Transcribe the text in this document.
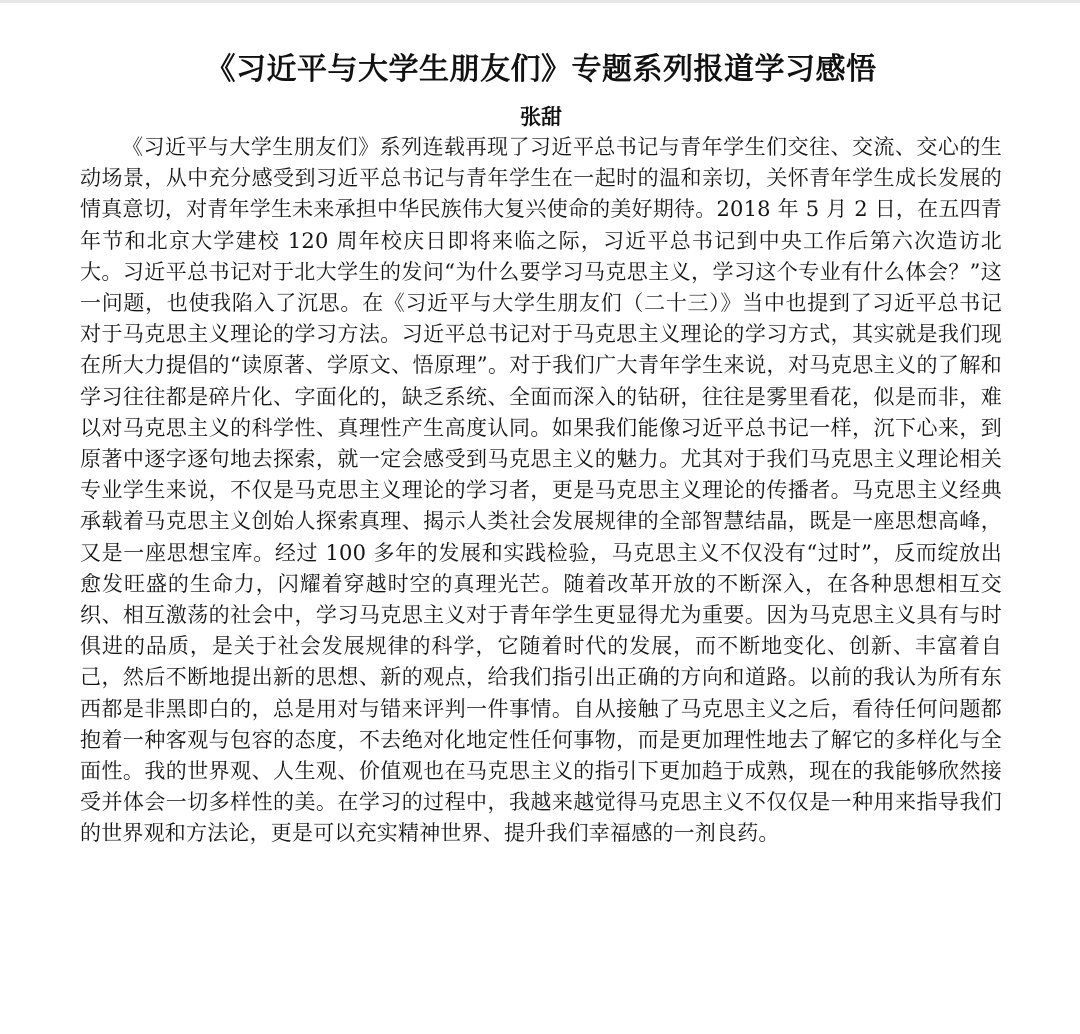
《习近平与大学生朋友们》专题系列报道学习感悟
张甜

《习近平与大学生朋友们》系列连载再现了习近平总书记与青年学生们交往、交流、交心的生动场景，从中充分感受到习近平总书记与青年学生在一起时的温和亲切，关怀青年学生成长发展的情真意切，对青年学生未来承担中华民族伟大复兴使命的美好期待。2018 年 5 月 2 日，在五四青年节和北京大学建校 120 周年校庆日即将来临之际，习近平总书记到中央工作后第六次造访北大。习近平总书记对于北大学生的发问“为什么要学习马克思主义，学习这个专业有什么体会？”这一问题，也使我陷入了沉思。在《习近平与大学生朋友们（二十三）》当中也提到了习近平总书记对于马克思主义理论的学习方法。习近平总书记对于马克思主义理论的学习方式，其实就是我们现在所大力提倡的“读原著、学原文、悟原理”。对于我们广大青年学生来说，对马克思主义的了解和学习往往都是碎片化、字面化的，缺乏系统、全面而深入的钻研，往往是雾里看花，似是而非，难以对马克思主义的科学性、真理性产生高度认同。如果我们能像习近平总书记一样，沉下心来，到原著中逐字逐句地去探索，就一定会感受到马克思主义的魅力。尤其对于我们马克思主义理论相关专业学生来说，不仅是马克思主义理论的学习者，更是马克思主义理论的传播者。马克思主义经典承载着马克思主义创始人探索真理、揭示人类社会发展规律的全部智慧结晶，既是一座思想高峰，又是一座思想宝库。经过 100 多年的发展和实践检验，马克思主义不仅没有“过时”，反而绽放出愈发旺盛的生命力，闪耀着穿越时空的真理光芒。随着改革开放的不断深入，在各种思想相互交织、相互激荡的社会中，学习马克思主义对于青年学生更显得尤为重要。因为马克思主义具有与时俱进的品质，是关于社会发展规律的科学，它随着时代的发展，而不断地变化、创新、丰富着自己，然后不断地提出新的思想、新的观点，给我们指引出正确的方向和道路。以前的我认为所有东西都是非黑即白的，总是用对与错来评判一件事情。自从接触了马克思主义之后，看待任何问题都抱着一种客观与包容的态度，不去绝对化地定性任何事物，而是更加理性地去了解它的多样化与全面性。我的世界观、人生观、价值观也在马克思主义的指引下更加趋于成熟，现在的我能够欣然接受并体会一切多样性的美。在学习的过程中，我越来越觉得马克思主义不仅仅是一种用来指导我们的世界观和方法论，更是可以充实精神世界、提升我们幸福感的一剂良药。
